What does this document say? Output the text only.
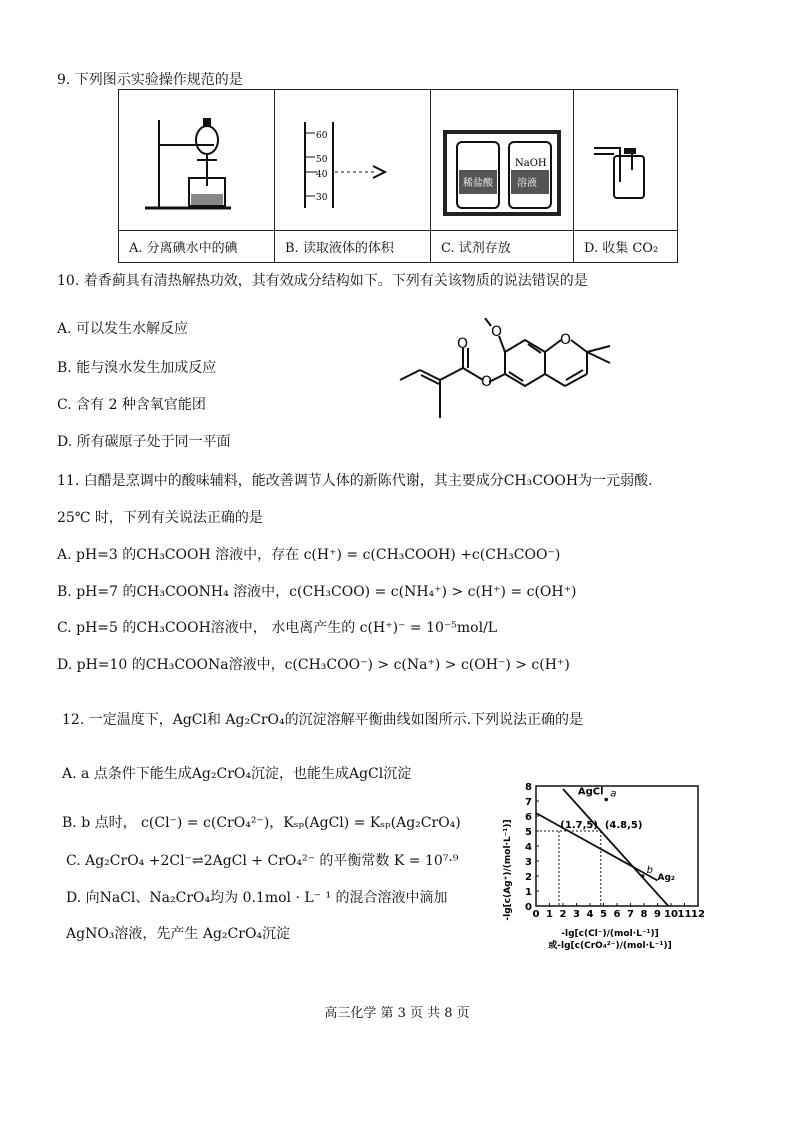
9. 下列图示实验操作规范的是

60
50
40
30	稀盐酸
NaOH
溶液

A. 分离碘水中的碘	B. 读取液体的体积	C. 试剂存放	D. 收集 CO₂
10. 着香蓟具有清热解热功效，其有效成分结构如下。下列有关该物质的说法错误的是
A. 可以发生水解反应
B. 能与溴水发生加成反应
C. 含有 2 种含氧官能团
D. 所有碳原子处于同一平面
O
O	O
O
11. 白醋是烹调中的酸味辅料，能改善调节人体的新陈代谢，其主要成分CH₃COOH为一元弱酸.
25℃ 时，下列有关说法正确的是
A. pH=3 的CH₃COOH 溶液中，存在 c(H⁺) = c(CH₃COOH) +c(CH₃COO⁻)
B. pH=7 的CH₃COONH₄ 溶液中，c(CH₃COO) = c(NH₄⁺) > c(H⁺) = c(OH⁺)
C. pH=5 的CH₃COOH溶液中， 水电离产生的 c(H⁺)⁻ = 10⁻⁵mol/L
D. pH=10 的CH₃COONa溶液中，c(CH₃COO⁻) > c(Na⁺) > c(OH⁻) > c(H⁺)
12. 一定温度下，AgCl和 Ag₂CrO₄的沉淀溶解平衡曲线如图所示.下列说法正确的是
A. a 点条件下能生成Ag₂CrO₄沉淀，也能生成AgCl沉淀
B. b 点时， c(Cl⁻) = c(CrO₄²⁻)，Kₛₚ(AgCl) = Kₛₚ(Ag₂CrO₄)
C. Ag₂CrO₄ +2Cl⁻⇌2AgCl + CrO₄²⁻ 的平衡常数 K = 10⁷·⁹
D. 向NaCl、Na₂CrO₄均为 0.1mol · L⁻ ¹ 的混合溶液中滴加
AgNO₃溶液，先产生 Ag₂CrO₄沉淀
-lg[c(Ag⁺)/(mol·L⁻¹)]
-lg[c(Cl⁻)/(mol·L⁻¹)]
或-lg[c(CrO₄²⁻)/(mol·L⁻¹)]
0 1 2 3 4 5 6 7 8 9 10 11 12
0
1
2
3
4
5
6
7
8
(1.7,5) (4.8,5)
a
b
AgCl
Ag₂
高三化学 第 3 页 共 8 页
